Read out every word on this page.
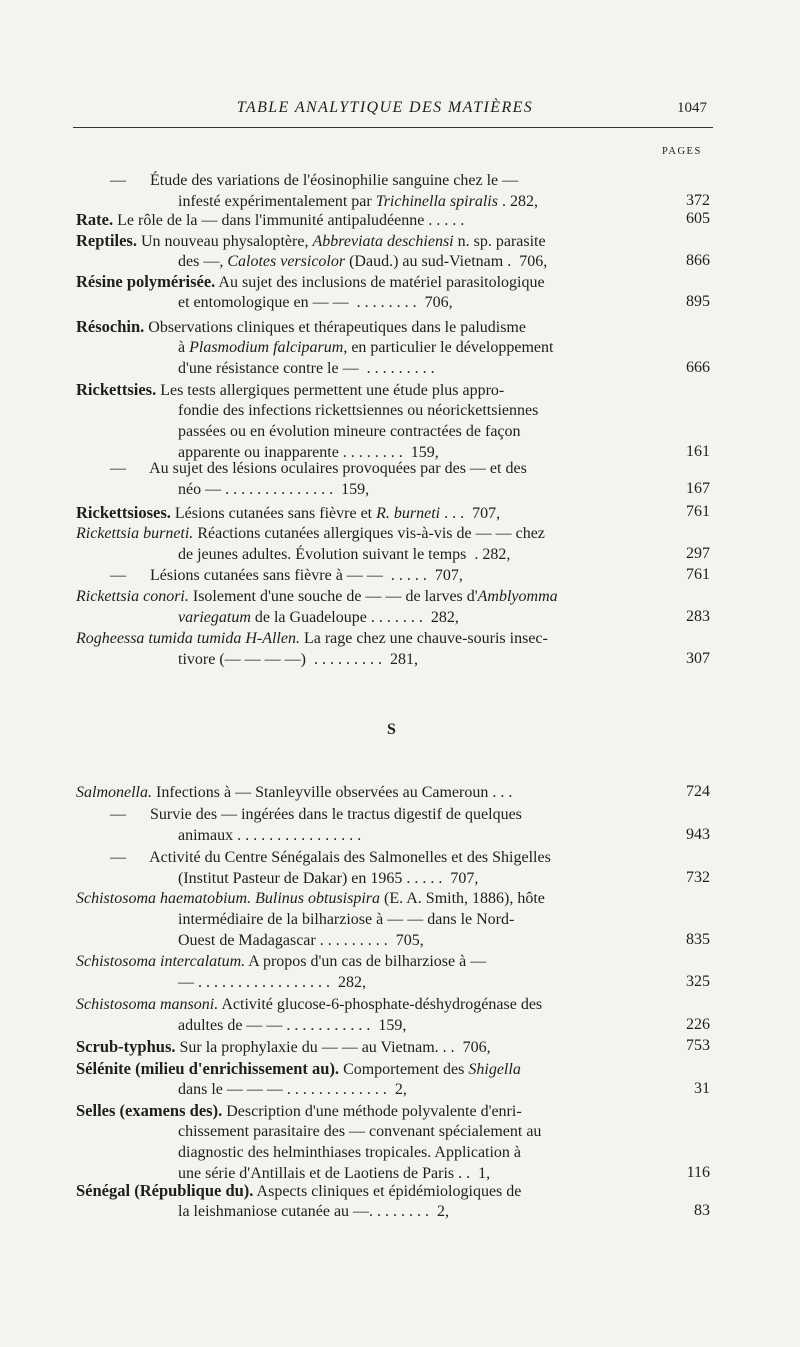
TABLE ANALYTIQUE DES MATIÈRES	1047
PAGES
S
—      Étude des variations de l'éosinophilie sanguine chez le —
infesté expérimentalement par Trichinella spiralis . 282,	372
Rate. Le rôle de la — dans l'immunité antipaludéenne . . . . .	605
Reptiles. Un nouveau physaloptère, Abbreviata deschiensi n. sp. parasite
des —, Calotes versicolor (Daud.) au sud-Vietnam .  706,	866
Résine polymérisée. Au sujet des inclusions de matériel parasitologique
et entomologique en — —  . . . . . . . .  706,	895
Résochin. Observations cliniques et thérapeutiques dans le paludisme
à Plasmodium falciparum, en particulier le développement
d'une résistance contre le —  . . . . . . . . .	666
Rickettsies. Les tests allergiques permettent une étude plus appro-
fondie des infections rickettsiennes ou néorickettsiennes
passées ou en évolution mineure contractées de façon
apparente ou inapparente . . . . . . . .  159,	161
—      Au sujet des lésions oculaires provoquées par des — et des
néo — . . . . . . . . . . . . . .  159,	167
Rickettsioses. Lésions cutanées sans fièvre et R. burneti . . .  707,	761
Rickettsia burneti. Réactions cutanées allergiques vis-à-vis de — — chez
de jeunes adultes. Évolution suivant le temps  . 282,	297
—      Lésions cutanées sans fièvre à — —  . . . . .  707,	761
Rickettsia conori. Isolement d'une souche de — — de larves d'Amblyomma
variegatum de la Guadeloupe . . . . . . .  282,	283
Rogheessa tumida tumida H-Allen. La rage chez une chauve-souris insec-
tivore (— — — —)  . . . . . . . . .  281,	307
Salmonella. Infections à — Stanleyville observées au Cameroun . . .	724
—      Survie des — ingérées dans le tractus digestif de quelques
animaux . . . . . . . . . . . . . . . .	943
—      Activité du Centre Sénégalais des Salmonelles et des Shigelles
(Institut Pasteur de Dakar) en 1965 . . . . .  707,	732
Schistosoma haematobium. Bulinus obtusispira (E. A. Smith, 1886), hôte
intermédiaire de la bilharziose à — — dans le Nord-
Ouest de Madagascar . . . . . . . . .  705,	835
Schistosoma intercalatum. A propos d'un cas de bilharziose à —
— . . . . . . . . . . . . . . . . .  282,	325
Schistosoma mansoni. Activité glucose-6-phosphate-déshydrogénase des
adultes de — — . . . . . . . . . . .  159,	226
Scrub-typhus. Sur la prophylaxie du — — au Vietnam. . .  706,	753
Sélénite (milieu d'enrichissement au). Comportement des Shigella
dans le — — — . . . . . . . . . . . . .  2,	31
Selles (examens des). Description d'une méthode polyvalente d'enri-
chissement parasitaire des — convenant spécialement au
diagnostic des helminthiases tropicales. Application à
une série d'Antillais et de Laotiens de Paris . .  1,	116
Sénégal (République du). Aspects cliniques et épidémiologiques de
la leishmaniose cutanée au —. . . . . . . .  2,	83
